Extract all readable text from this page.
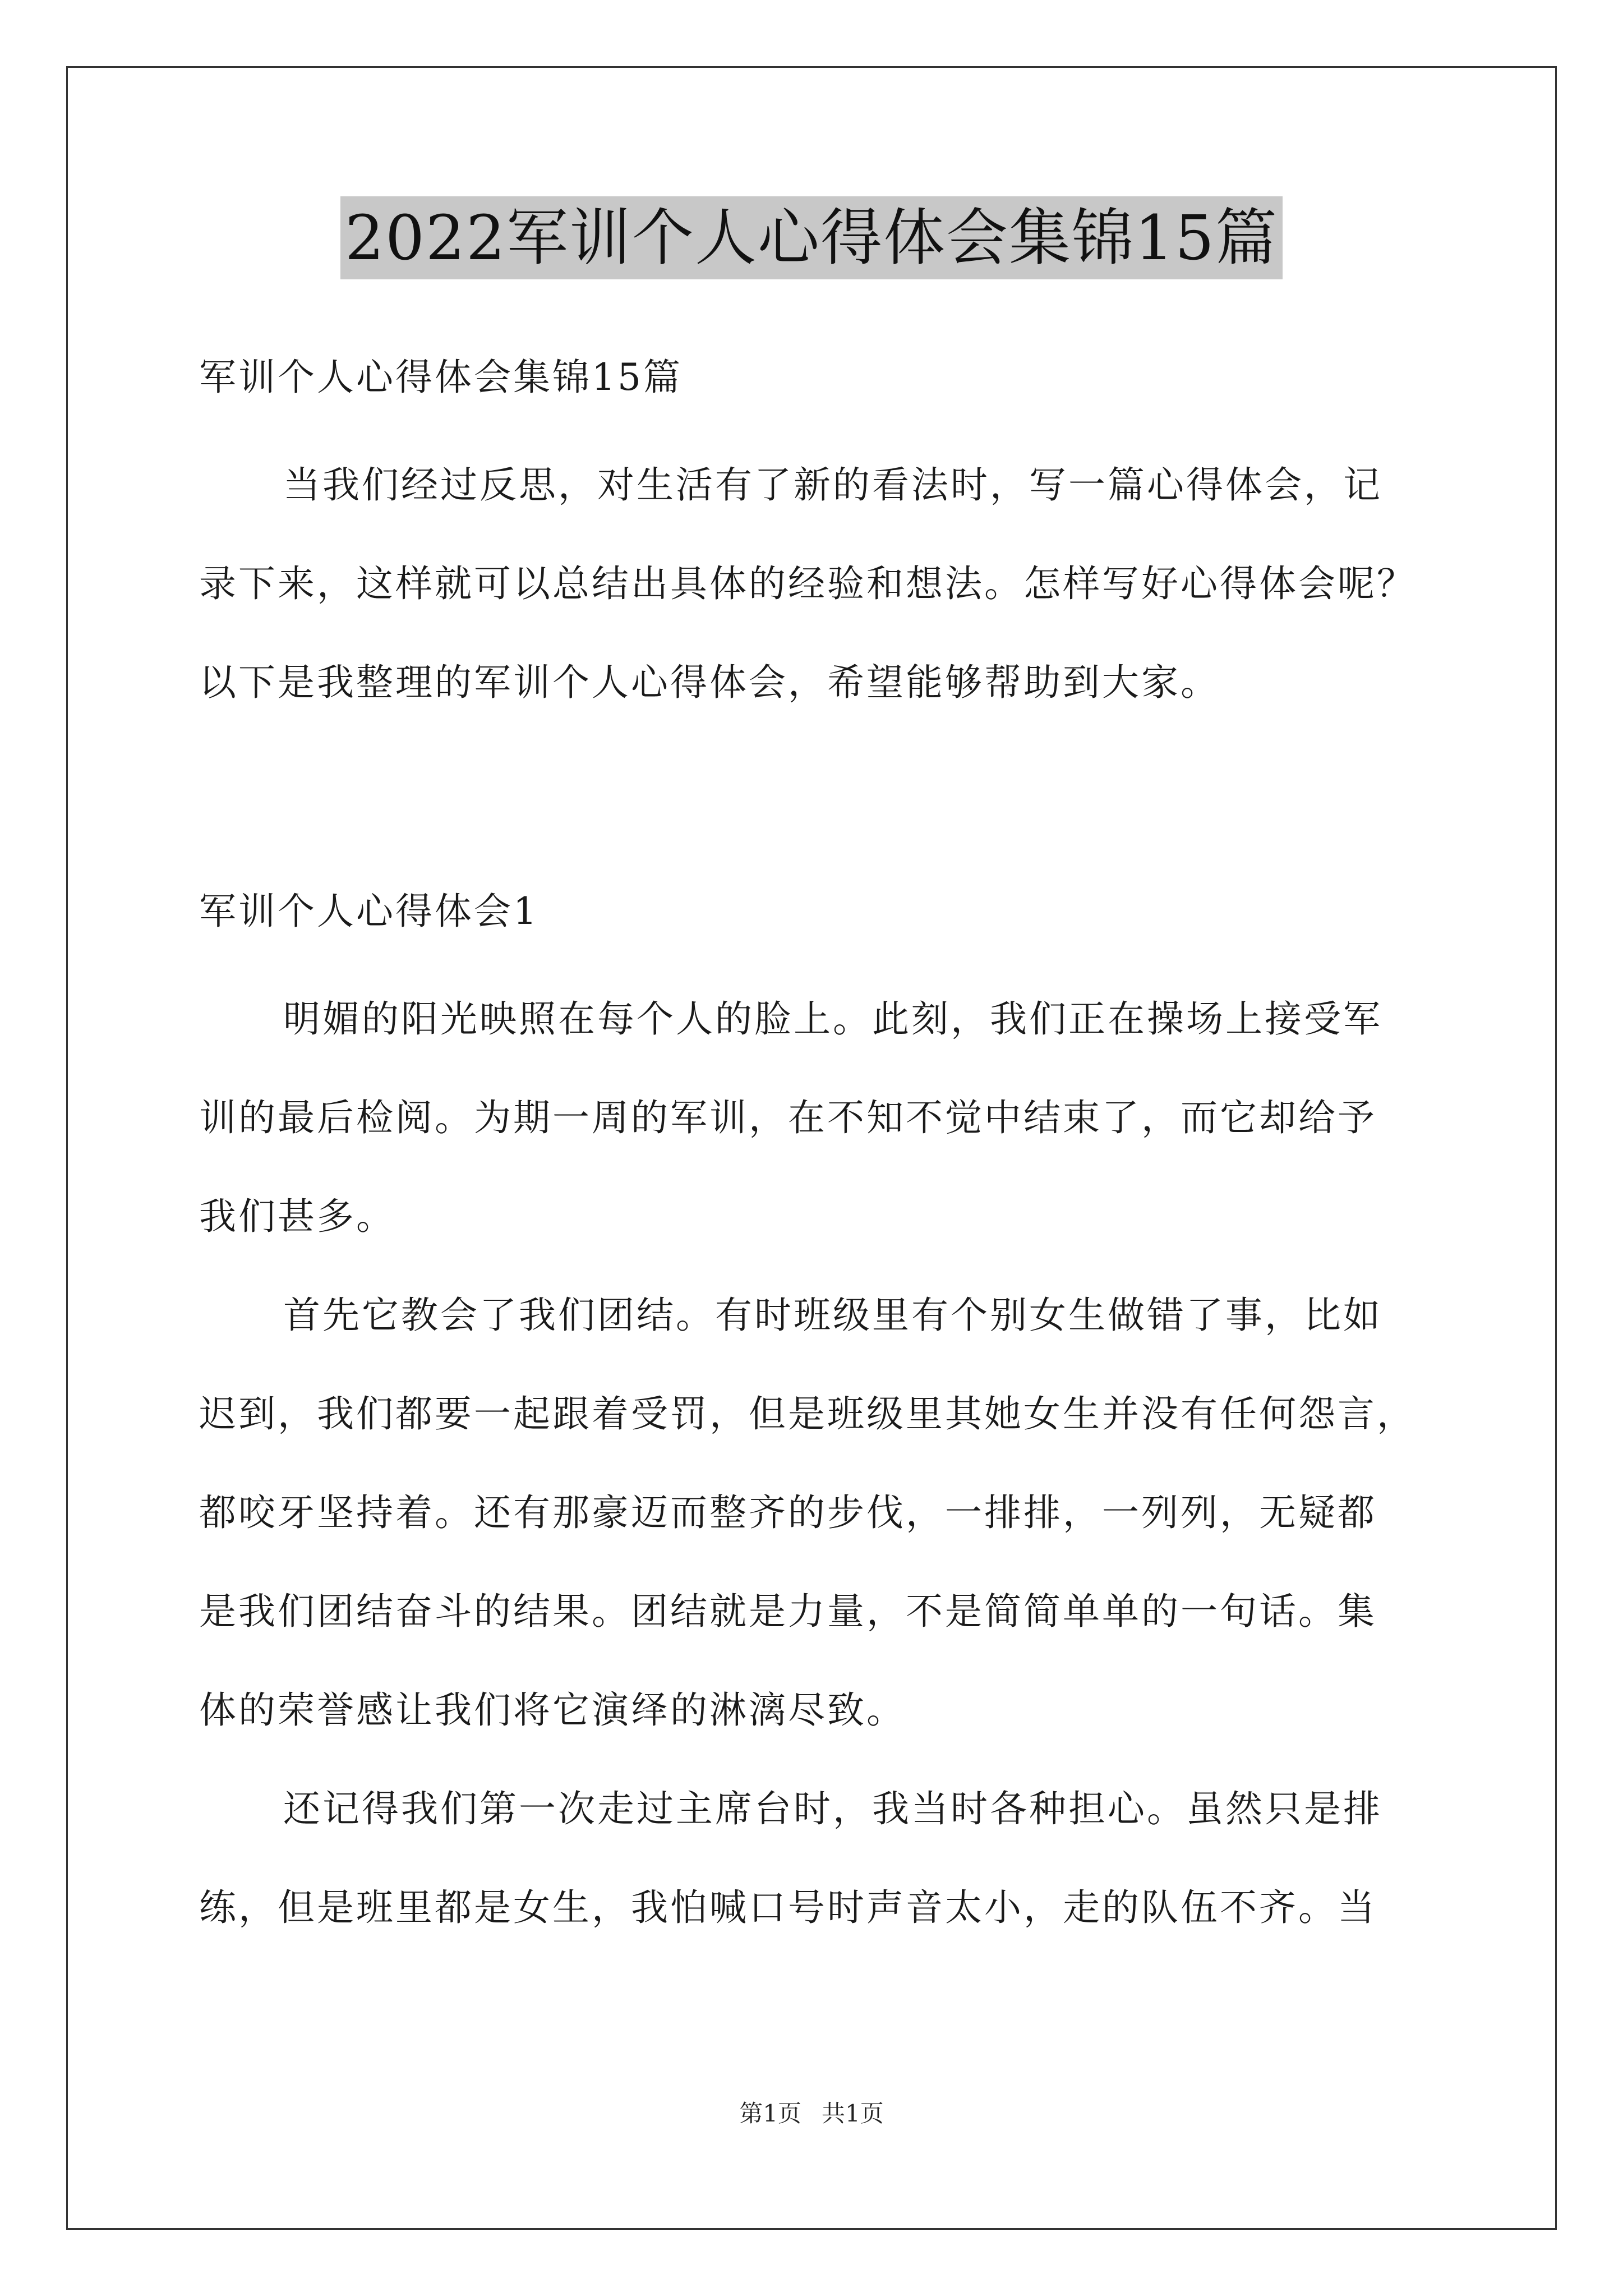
2022军训个人心得体会集锦15篇
军训个人心得体会集锦15篇
当我们经过反思，对生活有了新的看法时，写一篇心得体会，记
录下来，这样就可以总结出具体的经验和想法。怎样写好心得体会呢？
以下是我整理的军训个人心得体会，希望能够帮助到大家。
军训个人心得体会1
明媚的阳光映照在每个人的脸上。此刻，我们正在操场上接受军
训的最后检阅。为期一周的军训，在不知不觉中结束了，而它却给予
我们甚多。
首先它教会了我们团结。有时班级里有个别女生做错了事，比如
迟到，我们都要一起跟着受罚，但是班级里其她女生并没有任何怨言，
都咬牙坚持着。还有那豪迈而整齐的步伐，一排排，一列列，无疑都
是我们团结奋斗的结果。团结就是力量，不是简简单单的一句话。集
体的荣誉感让我们将它演绎的淋漓尽致。
还记得我们第一次走过主席台时，我当时各种担心。虽然只是排
练，但是班里都是女生，我怕喊口号时声音太小，走的队伍不齐。当
第1页 共1页
